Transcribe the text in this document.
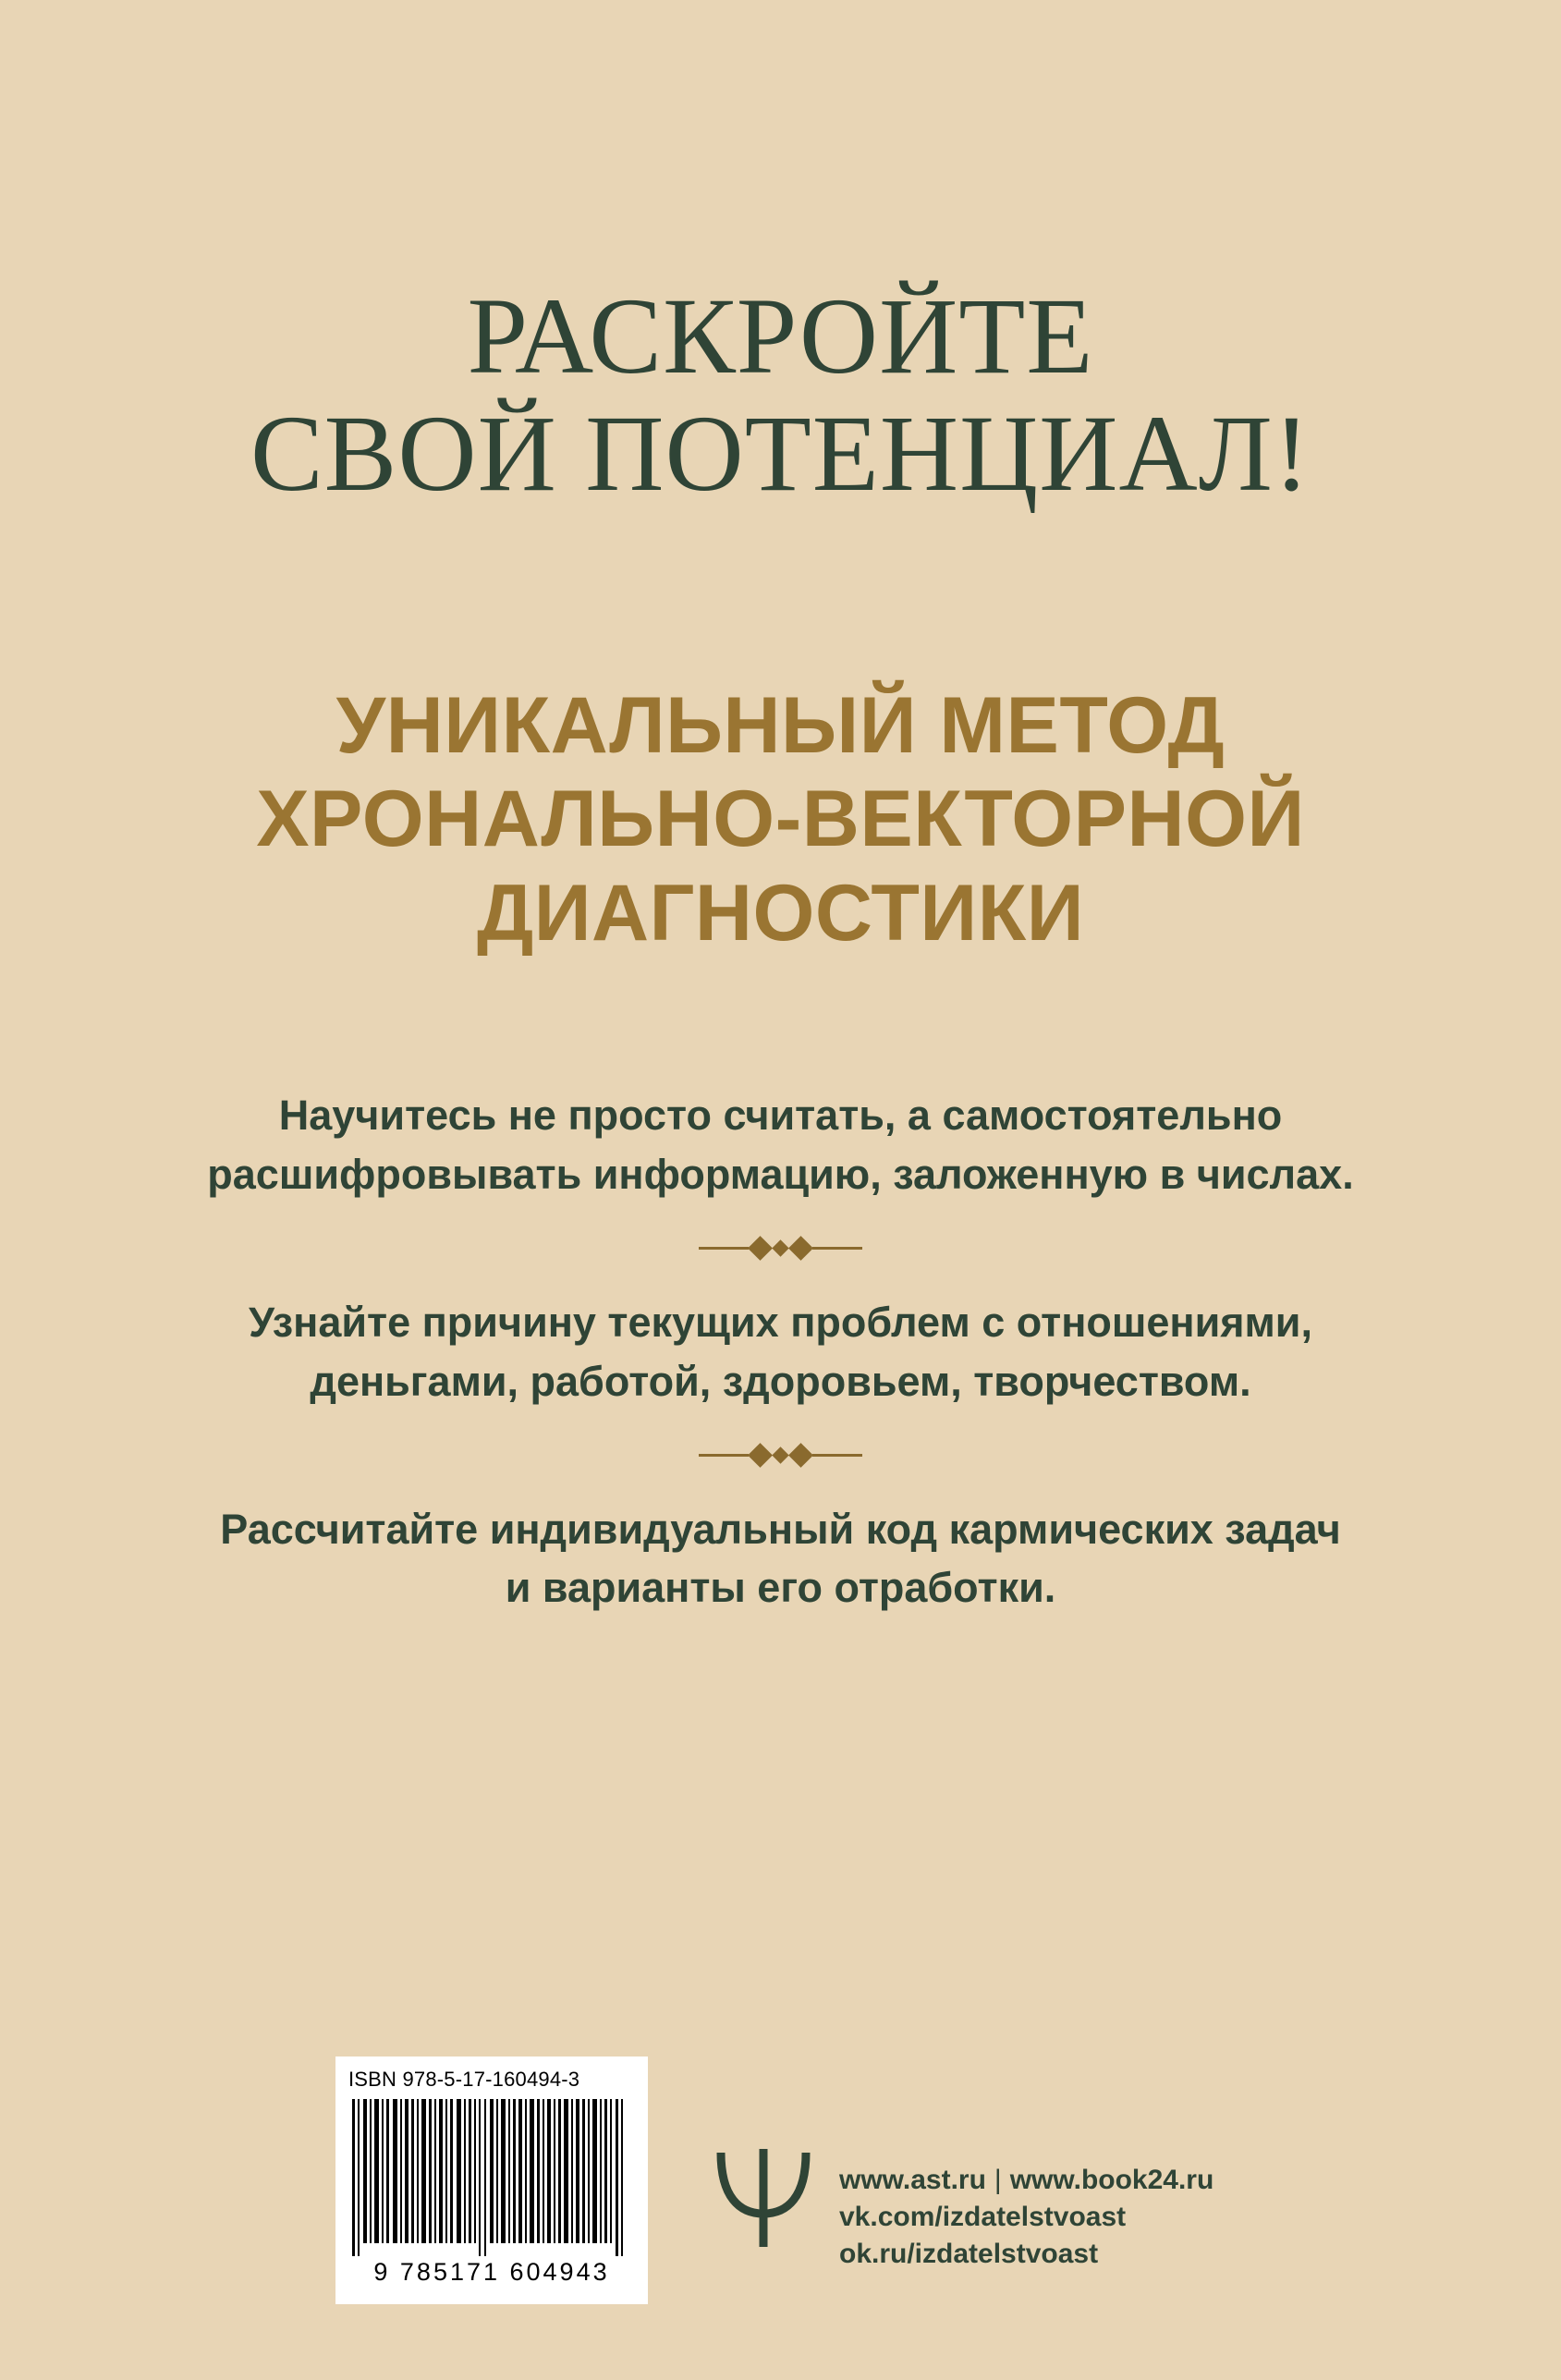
РАСКРОЙТЕ
СВОЙ ПОТЕНЦИАЛ!
УНИКАЛЬНЫЙ МЕТОД
ХРОНАЛЬНО-ВЕКТОРНОЙ
ДИАГНОСТИКИ
Научитесь не просто считать, а самостоятельно
расшифровывать информацию, заложенную в числах.
Узнайте причину текущих проблем с отношениями,
деньгами, работой, здоровьем, творчеством.
Рассчитайте индивидуальный код кармических задач
и варианты его отработки.
ISBN 978-5-17-160494-3
9 785171 604943
www.ast.ru | www.book24.ru
vk.com/izdatelstvoast
ok.ru/izdatelstvoast
